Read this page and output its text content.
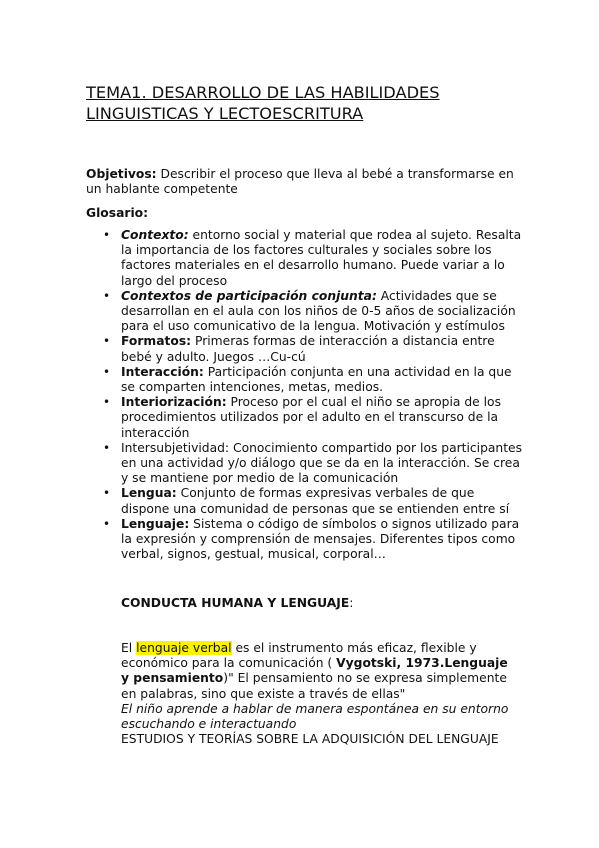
TEMA1. DESARROLLO DE LAS HABILIDADES
LINGUISTICAS Y LECTOESCRITURA
Objetivos: Describir el proceso que lleva al bebé a transformarse en un hablante competente
Glosario:
• Contexto: entorno social y material que rodea al sujeto. Resalta la importancia de los factores culturales y sociales sobre los factores materiales en el desarrollo humano. Puede variar a lo largo del proceso
• Contextos de participación conjunta: Actividades que se desarrollan en el aula con los niños de 0-5 años de socialización para el uso comunicativo de la lengua. Motivación y estímulos
• Formatos: Primeras formas de interacción a distancia entre bebé y adulto. Juegos …Cu-cú
• Interacción: Participación conjunta en una actividad en la que se comparten intenciones, metas, medios.
• Interiorización: Proceso por el cual el niño se apropia de los procedimientos utilizados por el adulto en el transcurso de la interacción
• Intersubjetividad: Conocimiento compartido por los participantes en una actividad y/o diálogo que se da en la interacción. Se crea y se mantiene por medio de la comunicación
• Lengua: Conjunto de formas expresivas verbales de que dispone una comunidad de personas que se entienden entre sí
• Lenguaje: Sistema o código de símbolos o signos utilizado para la expresión y comprensión de mensajes. Diferentes tipos como verbal, signos, gestual, musical, corporal…
CONDUCTA HUMANA Y LENGUAJE:
El lenguaje verbal es el instrumento más eficaz, flexible y económico para la comunicación ( Vygotski, 1973.Lenguaje y pensamiento)" El pensamiento no se expresa simplemente en palabras, sino que existe a través de ellas"
El niño aprende a hablar de manera espontánea en su entorno escuchando e interactuando
ESTUDIOS Y TEORÍAS SOBRE LA ADQUISICIÓN DEL LENGUAJE
